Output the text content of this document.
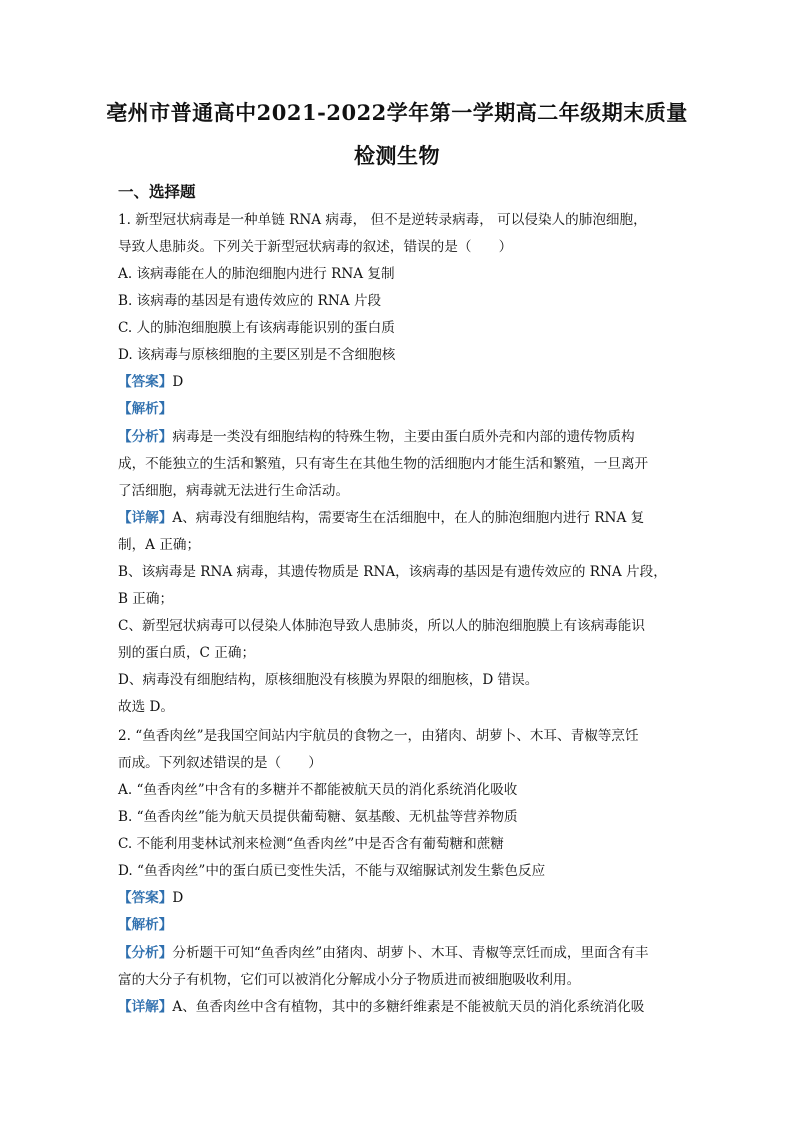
亳州市普通高中2021-2022学年第一学期高二年级期末质量
检测生物
一、选择题
1. 新型冠状病毒是一种单链 RNA 病毒， 但不是逆转录病毒， 可以侵染人的肺泡细胞，
导致人患肺炎。下列关于新型冠状病毒的叙述，错误的是（　　）
A. 该病毒能在人的肺泡细胞内进行 RNA 复制
B. 该病毒的基因是有遗传效应的 RNA 片段
C. 人的肺泡细胞膜上有该病毒能识别的蛋白质
D. 该病毒与原核细胞的主要区别是不含细胞核
【答案】D
【解析】
【分析】病毒是一类没有细胞结构的特殊生物，主要由蛋白质外壳和内部的遗传物质构
成，不能独立的生活和繁殖，只有寄生在其他生物的活细胞内才能生活和繁殖，一旦离开
了活细胞，病毒就无法进行生命活动。
【详解】A、病毒没有细胞结构，需要寄生在活细胞中，在人的肺泡细胞内进行 RNA 复
制，A 正确；
B、该病毒是 RNA 病毒，其遗传物质是 RNA，该病毒的基因是有遗传效应的 RNA 片段，
B 正确；
C、新型冠状病毒可以侵染人体肺泡导致人患肺炎，所以人的肺泡细胞膜上有该病毒能识
别的蛋白质，C 正确；
D、病毒没有细胞结构，原核细胞没有核膜为界限的细胞核，D 错误。
故选 D。
2. “鱼香肉丝”是我国空间站内宇航员的食物之一，由猪肉、胡萝卜、木耳、青椒等烹饪
而成。下列叙述错误的是（　　）
A. “鱼香肉丝”中含有的多糖并不都能被航天员的消化系统消化吸收
B. “鱼香肉丝”能为航天员提供葡萄糖、氨基酸、无机盐等营养物质
C. 不能利用斐林试剂来检测“鱼香肉丝”中是否含有葡萄糖和蔗糖
D. “鱼香肉丝”中的蛋白质已变性失活，不能与双缩脲试剂发生紫色反应
【答案】D
【解析】
【分析】分析题干可知“鱼香肉丝”由猪肉、胡萝卜、木耳、青椒等烹饪而成，里面含有丰
富的大分子有机物，它们可以被消化分解成小分子物质进而被细胞吸收利用。
【详解】A、鱼香肉丝中含有植物，其中的多糖纤维素是不能被航天员的消化系统消化吸
